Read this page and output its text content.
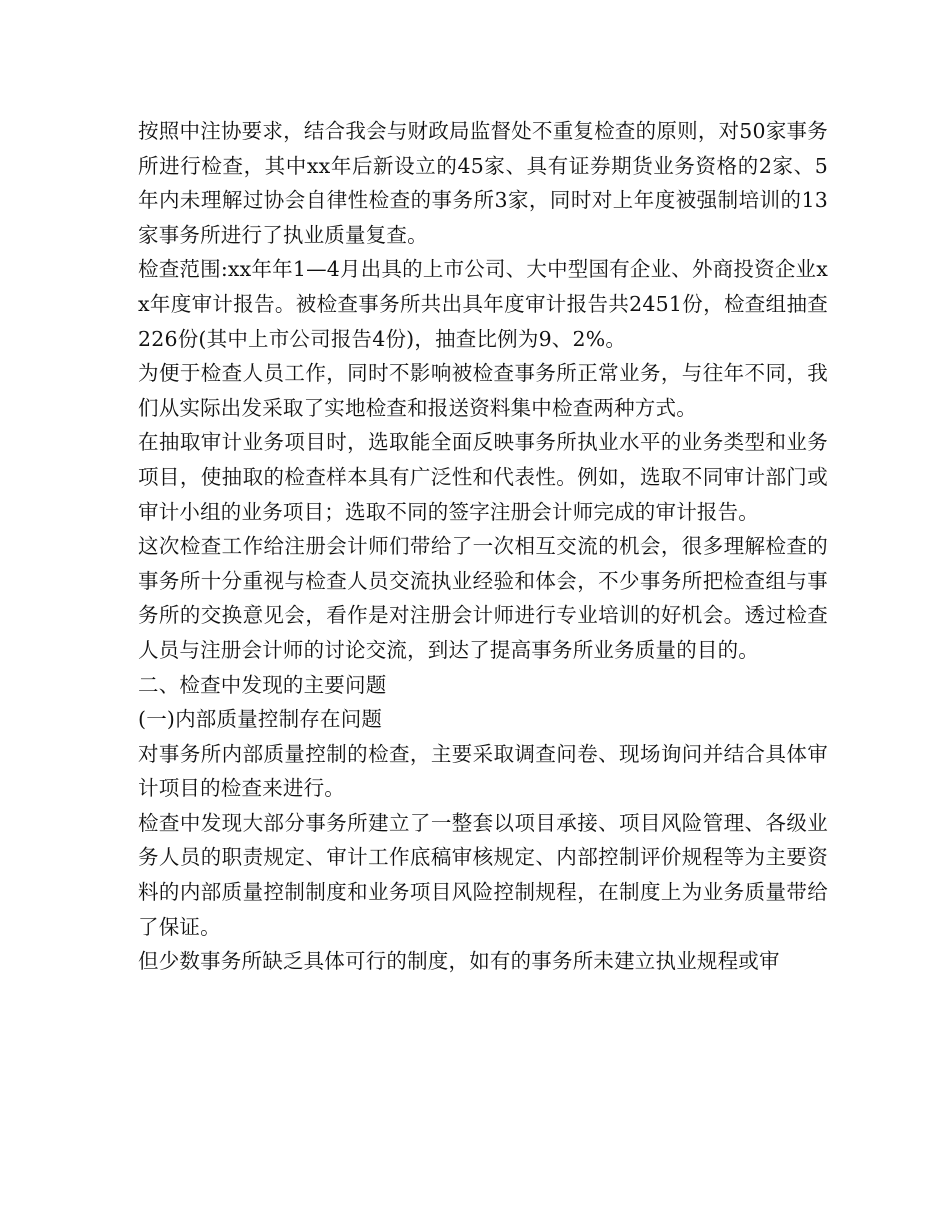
按照中注协要求，结合我会与财政局监督处不重复检查的原则，对50家事务所进行检查，其中xx年后新设立的45家、具有证券期货业务资格的2家、5年内未理解过协会自律性检查的事务所3家，同时对上年度被强制培训的13家事务所进行了执业质量复查。

检查范围:xx年年1—4月出具的上市公司、大中型国有企业、外商投资企业xx年度审计报告。被检查事务所共出具年度审计报告共2451份，检查组抽查226份(其中上市公司报告4份)，抽查比例为9、2%。

为便于检查人员工作，同时不影响被检查事务所正常业务，与往年不同，我们从实际出发采取了实地检查和报送资料集中检查两种方式。

在抽取审计业务项目时，选取能全面反映事务所执业水平的业务类型和业务项目，使抽取的检查样本具有广泛性和代表性。例如，选取不同审计部门或审计小组的业务项目；选取不同的签字注册会计师完成的审计报告。

这次检查工作给注册会计师们带给了一次相互交流的机会，很多理解检查的事务所十分重视与检查人员交流执业经验和体会，不少事务所把检查组与事务所的交换意见会，看作是对注册会计师进行专业培训的好机会。透过检查人员与注册会计师的讨论交流，到达了提高事务所业务质量的目的。

二、检查中发现的主要问题

(一)内部质量控制存在问题

对事务所内部质量控制的检查，主要采取调查问卷、现场询问并结合具体审计项目的检查来进行。

检查中发现大部分事务所建立了一整套以项目承接、项目风险管理、各级业务人员的职责规定、审计工作底稿审核规定、内部控制评价规程等为主要资料的内部质量控制制度和业务项目风险控制规程，在制度上为业务质量带给了保证。

但少数事务所缺乏具体可行的制度，如有的事务所未建立执业规程或审
